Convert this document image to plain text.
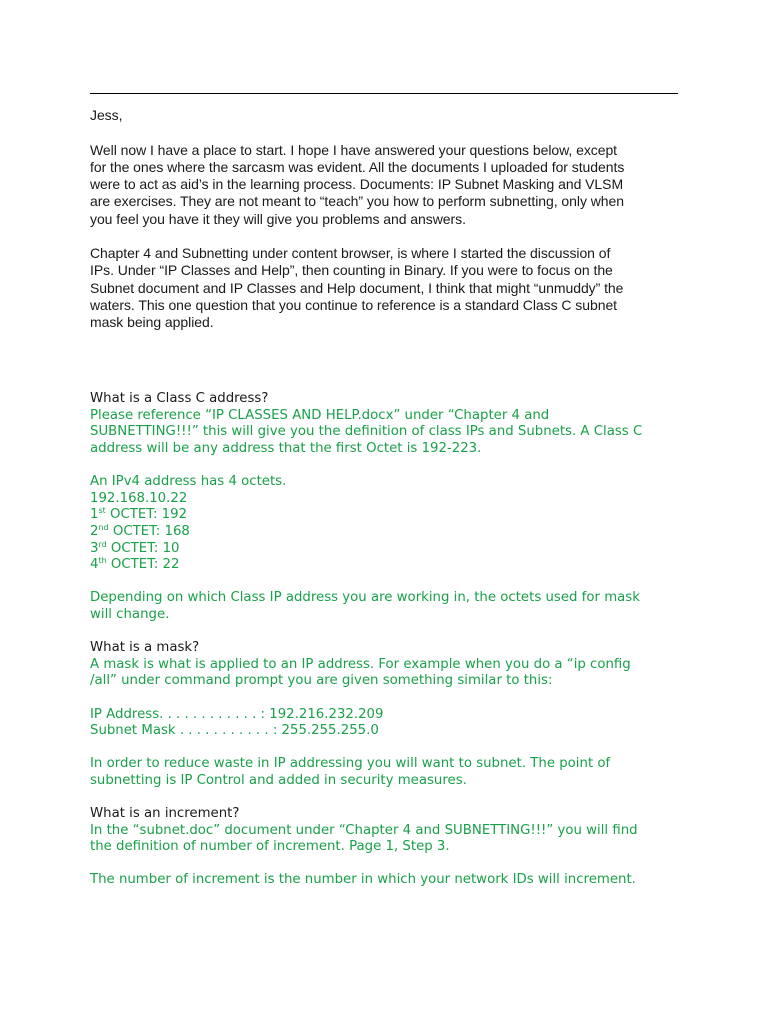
Jess,

Well now I have a place to start. I hope I have answered your questions below, except
for the ones where the sarcasm was evident. All the documents I uploaded for students
were to act as aid’s in the learning process. Documents: IP Subnet Masking and VLSM
are exercises. They are not meant to “teach” you how to perform subnetting, only when
you feel you have it they will give you problems and answers.

Chapter 4 and Subnetting under content browser, is where I started the discussion of
IPs. Under “IP Classes and Help”, then counting in Binary. If you were to focus on the
Subnet document and IP Classes and Help document, I think that might “unmuddy” the
waters. This one question that you continue to reference is a standard Class C subnet
mask being applied.

What is a Class C address?

Please reference “IP CLASSES AND HELP.docx” under “Chapter 4 and
SUBNETTING!!!” this will give you the definition of class IPs and Subnets. A Class C
address will be any address that the first Octet is 192-223.

An IPv4 address has 4 octets.
192.168.10.22
1st OCTET: 192
2nd OCTET: 168
3rd OCTET: 10
4th OCTET: 22

Depending on which Class IP address you are working in, the octets used for mask
will change.

What is a mask?

A mask is what is applied to an IP address. For example when you do a “ip config
/all” under command prompt you are given something similar to this:

IP Address. . . . . . . . . . . . : 192.216.232.209
Subnet Mask . . . . . . . . . . . : 255.255.255.0

In order to reduce waste in IP addressing you will want to subnet. The point of
subnetting is IP Control and added in security measures.

What is an increment?

In the “subnet.doc” document under “Chapter 4 and SUBNETTING!!!” you will find
the definition of number of increment. Page 1, Step 3.

The number of increment is the number in which your network IDs will increment.
